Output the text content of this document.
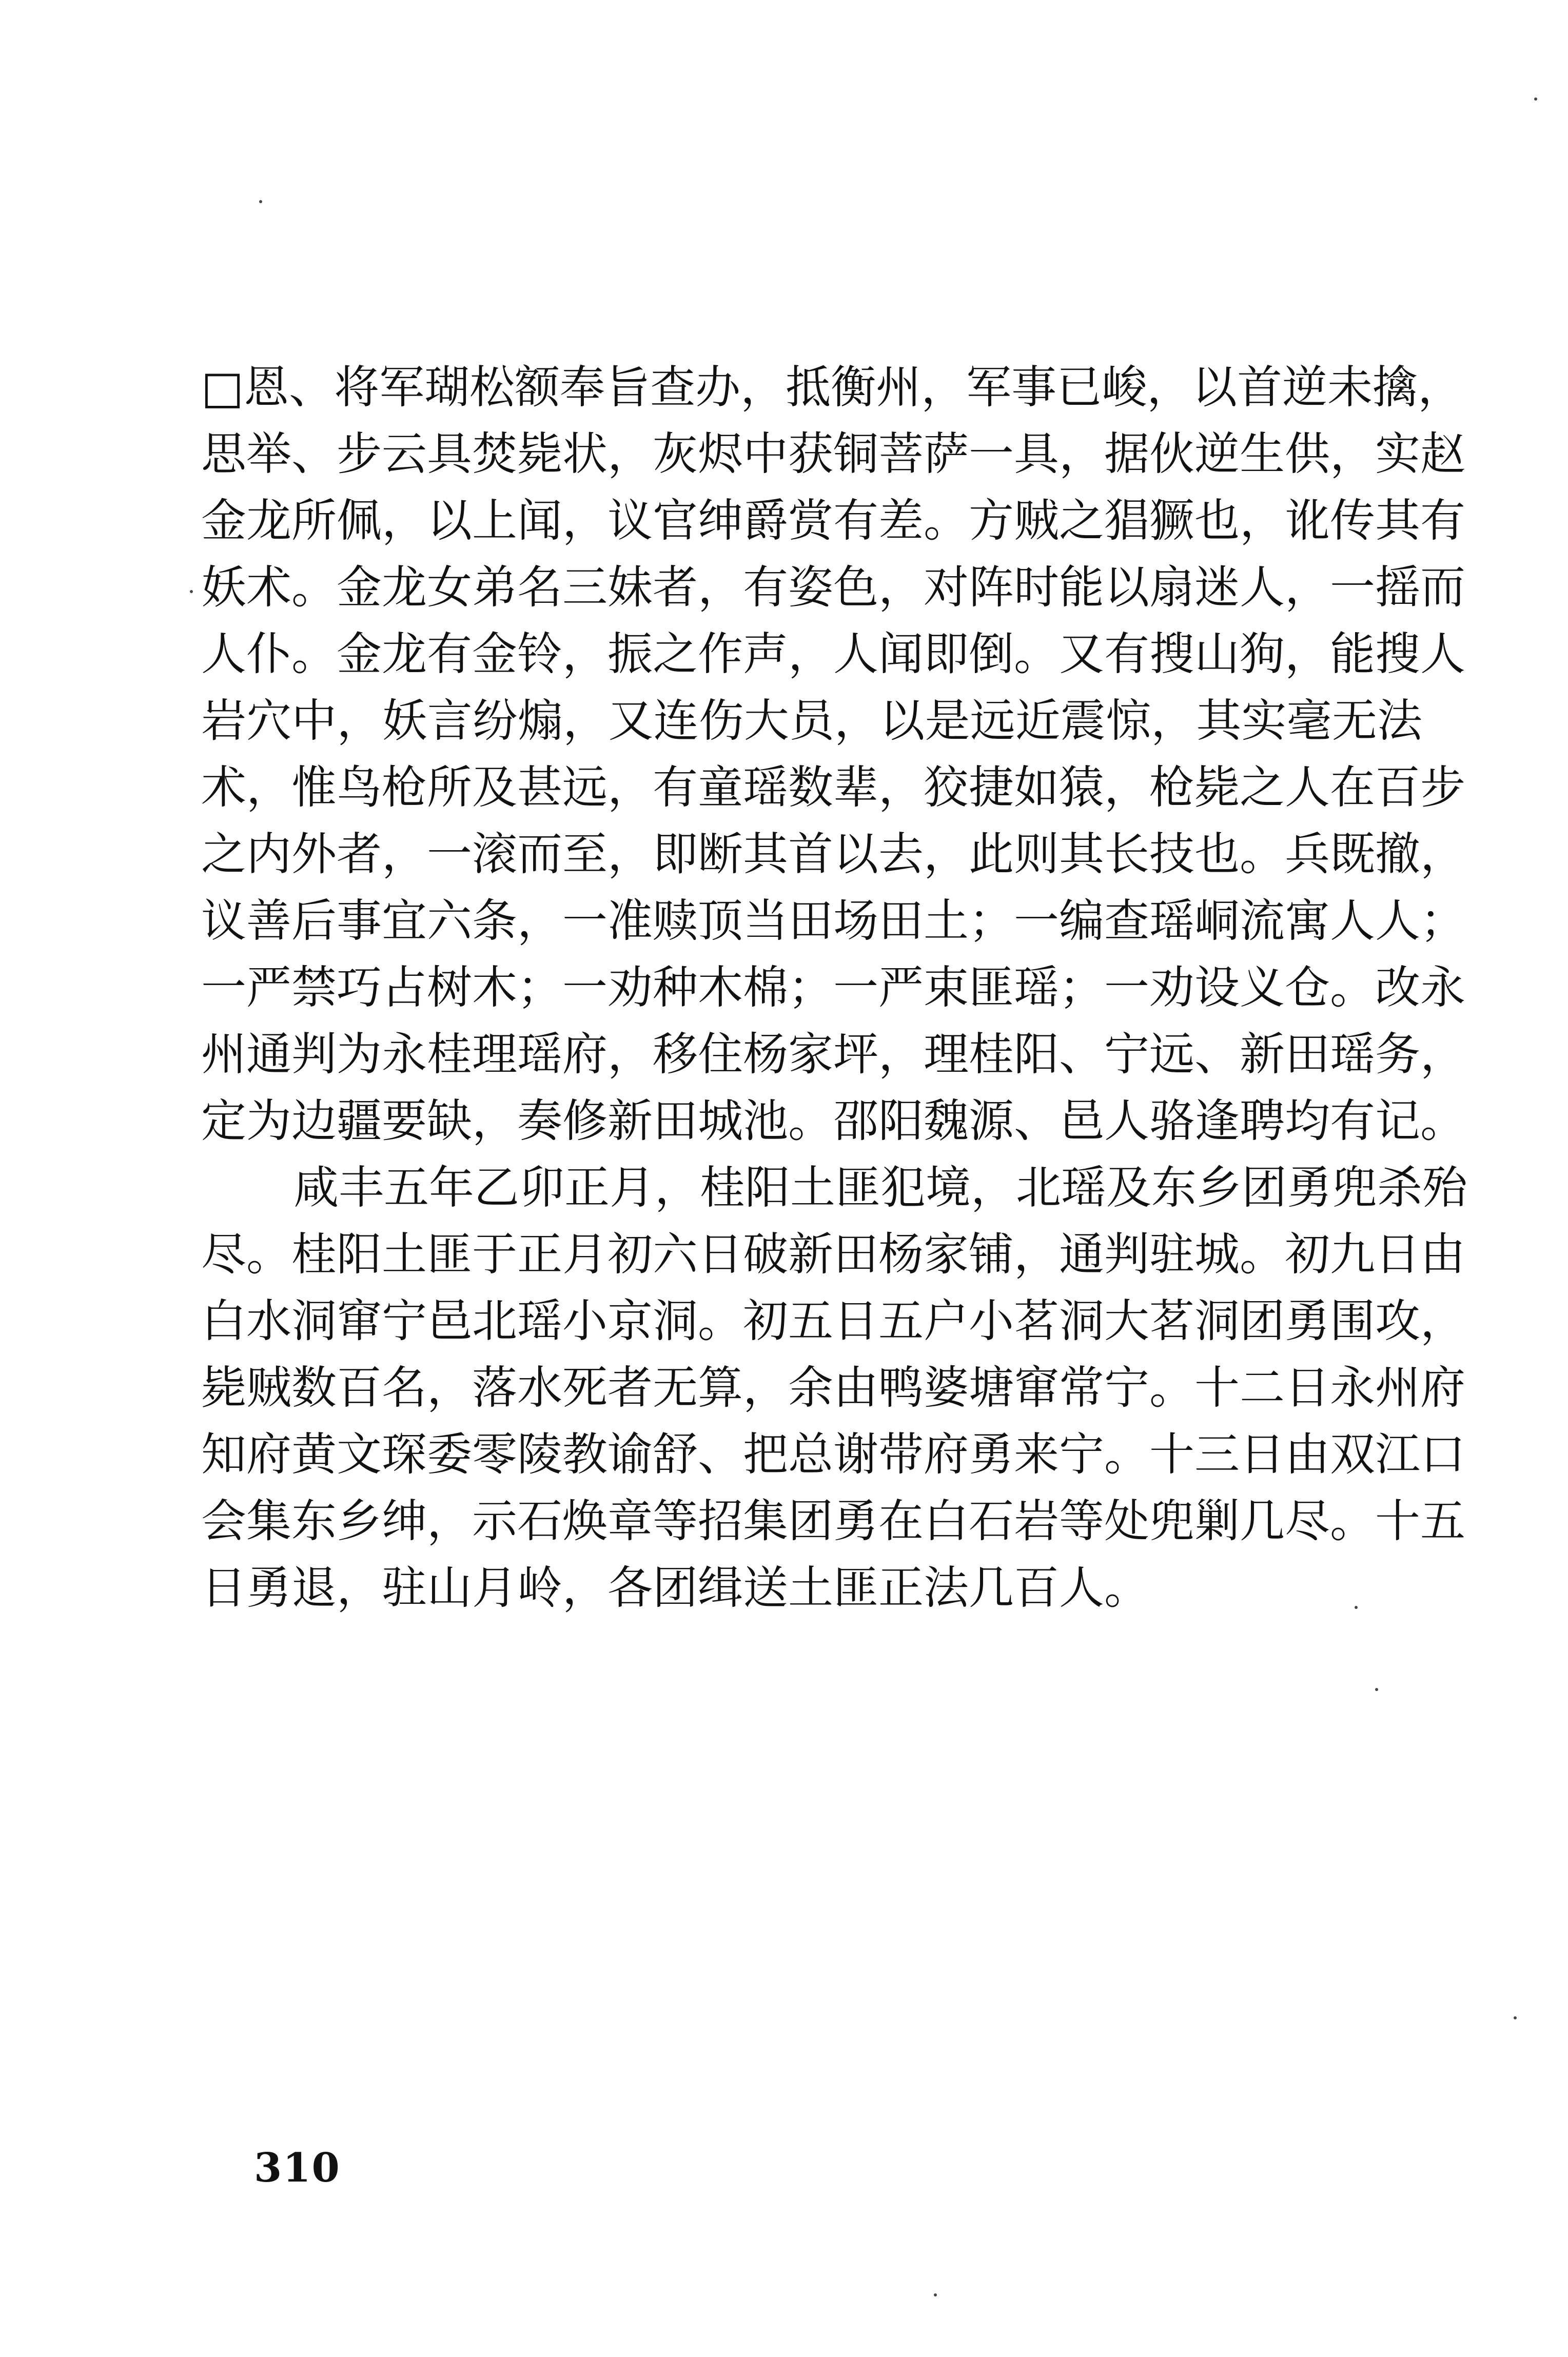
□恩、将军瑚松额奉旨查办，抵衡州，军事已峻，以首逆未擒，
思举、步云具焚毙状，灰烬中获铜菩萨一具，据伙逆生供，实赵
金龙所佩，以上闻，议官绅爵赏有差。方贼之猖獗也，讹传其有
妖术。金龙女弟名三妹者，有姿色，对阵时能以扇迷人，一摇而
人仆。金龙有金铃，振之作声，人闻即倒。又有搜山狗，能搜人
岩穴中，妖言纷煽，又连伤大员，以是远近震惊，其实毫无法
术，惟鸟枪所及甚远，有童瑶数辈，狡捷如猿，枪毙之人在百步
之内外者，一滚而至，即断其首以去，此则其长技也。兵既撤，
议善后事宜六条，一准赎顶当田场田土；一编查瑶峒流寓人人；
一严禁巧占树木；一劝种木棉；一严束匪瑶；一劝设义仓。改永
州通判为永桂理瑶府，移住杨家坪，理桂阳、宁远、新田瑶务，
定为边疆要缺，奏修新田城池。邵阳魏源、邑人骆逢聘均有记。
咸丰五年乙卯正月，桂阳土匪犯境，北瑶及东乡团勇兜杀殆
尽。桂阳土匪于正月初六日破新田杨家铺，通判驻城。初九日由
白水洞窜宁邑北瑶小京洞。初五日五户小茗洞大茗洞团勇围攻，
毙贼数百名，落水死者无算，余由鸭婆塘窜常宁。十二日永州府
知府黄文琛委零陵教谕舒、把总谢带府勇来宁。十三日由双江口
会集东乡绅，示石焕章等招集团勇在白石岩等处兜剿几尽。十五
日勇退，驻山月岭，各团缉送土匪正法几百人。
310
